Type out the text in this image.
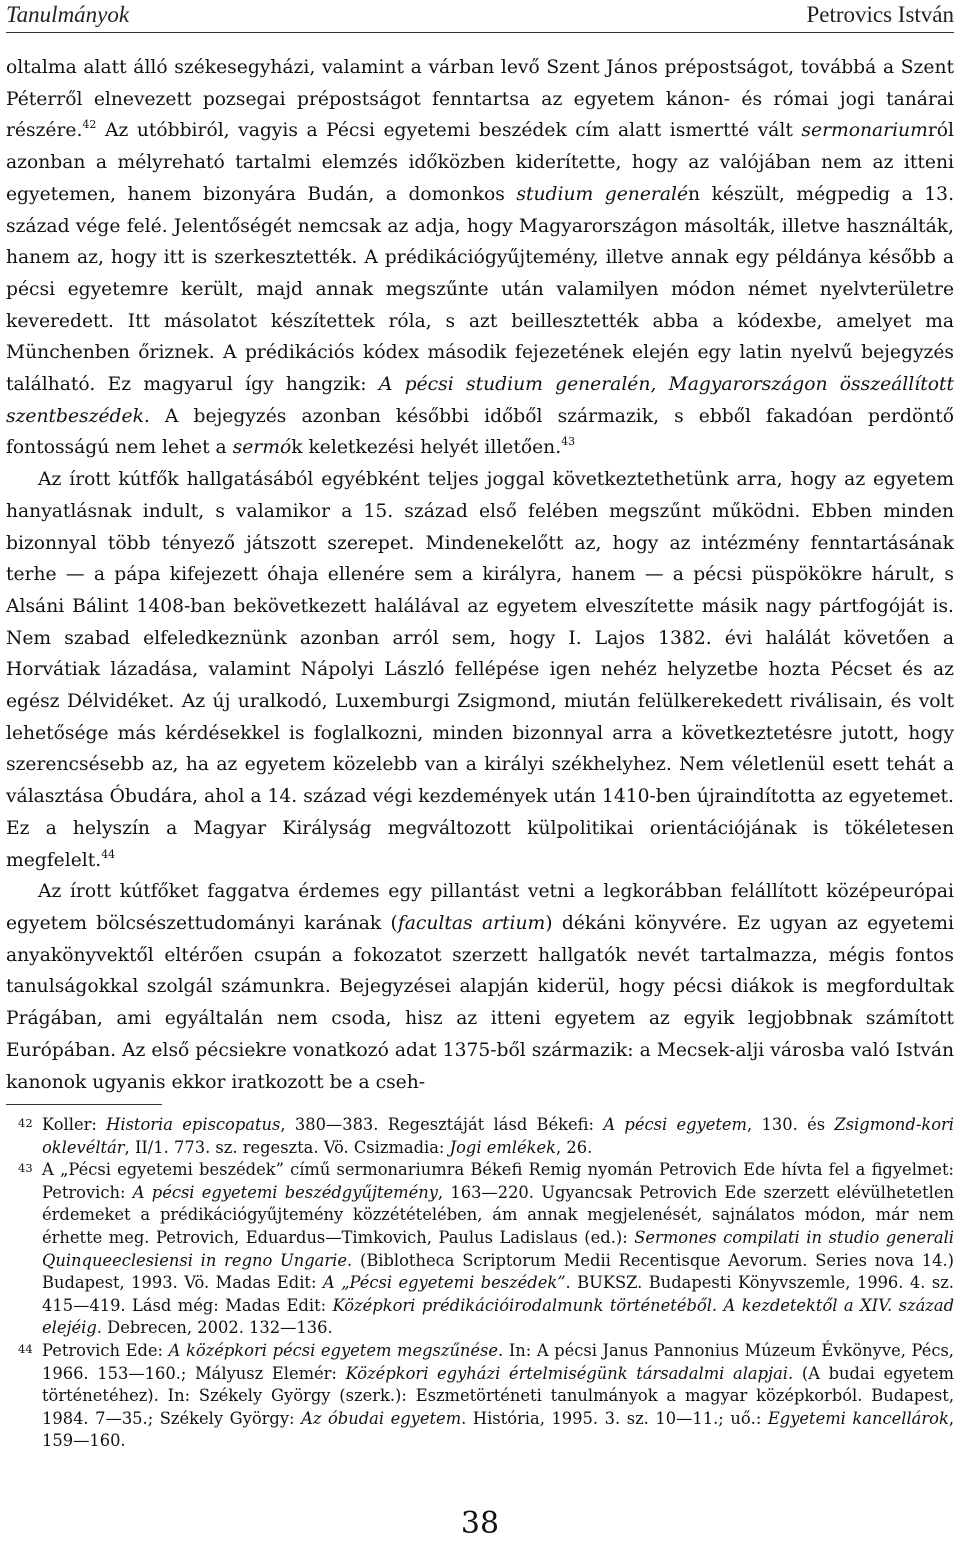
Tanulmányok	Petrovics István

oltalma alatt álló székesegyházi, valamint a várban levő Szent János prépostságot, továbbá a Szent Péterről elnevezett pozsegai prépostságot fenntartsa az egyetem kánon- és római jogi tanárai részére.$^{42}$ Az utóbbiról, vagyis a Pécsi egyetemi beszédek cím alatt ismertté vált sermonariumról azonban a mélyreható tartalmi elemzés időközben kiderítette, hogy az valójában nem az itteni egyetemen, hanem bizonyára Budán, a domonkos studium generalén készült, mégpedig a 13. század vége felé. Jelentőségét nemcsak az adja, hogy Magyarországon másolták, illetve használták, hanem az, hogy itt is szerkesztették. A prédikációgyűjtemény, illetve annak egy példánya később a pécsi egyetemre került, majd annak megszűnte után valamilyen módon német nyelvterületre keveredett. Itt másolatot készítettek róla, s azt beillesztették abba a kódexbe, amelyet ma Münchenben őriznek. A prédikációs kódex második fejezetének elején egy latin nyelvű bejegyzés található. Ez magyarul így hangzik: A pécsi studium generalén, Magyarországon összeállított szentbeszédek. A bejegyzés azonban későbbi időből származik, s ebből fakadóan perdöntő fontosságú nem lehet a sermók keletkezési helyét illetően.$^{43}$

Az írott kútfők hallgatásából egyébként teljes joggal következtethetünk arra, hogy az egyetem hanyatlásnak indult, s valamikor a 15. század első felében megszűnt működni. Ebben minden bizonnyal több tényező játszott szerepet. Mindenekelőtt az, hogy az intézmény fenntartásának terhe — a pápa kifejezett óhaja ellenére sem a királyra, hanem — a pécsi püspökökre hárult, s Alsáni Bálint 1408-ban bekövetkezett halálával az egyetem elveszítette másik nagy pártfogóját is. Nem szabad elfeledkeznünk azonban arról sem, hogy I. Lajos 1382. évi halálát követően a Horvátiak lázadása, valamint Nápolyi László fellépése igen nehéz helyzetbe hozta Pécset és az egész Délvidéket. Az új uralkodó, Luxemburgi Zsigmond, miután felülkerekedett riválisain, és volt lehetősége más kérdésekkel is foglalkozni, minden bizonnyal arra a következtetésre jutott, hogy szerencsésebb az, ha az egyetem közelebb van a királyi székhelyhez. Nem véletlenül esett tehát a választása Óbudára, ahol a 14. század végi kezdemények után 1410-ben újraindította az egyetemet. Ez a helyszín a Magyar Királyság megváltozott külpolitikai orientációjának is tökéletesen megfelelt.$^{44}$

Az írott kútfőket faggatva érdemes egy pillantást vetni a legkorábban felállított középeurópai egyetem bölcsészettudományi karának (facultas artium) dékáni könyvére. Ez ugyan az egyetemi anyakönyvektől eltérően csupán a fokozatot szerzett hallgatók nevét tartalmazza, mégis fontos tanulságokkal szolgál számunkra. Bejegyzései alapján kiderül, hogy pécsi diákok is megfordultak Prágában, ami egyáltalán nem csoda, hisz az itteni egyetem az egyik legjobbnak számított Európában. Az első pécsiekre vonatkozó adat 1375-ből származik: a Mecsek-alji városba való István kanonok ugyanis ekkor iratkozott be a cseh-

42 Koller: Historia episcopatus, 380—383. Regesztáját lásd Békefi: A pécsi egyetem, 130. és Zsigmond-kori oklevéltár, II/1. 773. sz. regeszta. Vö. Csizmadia: Jogi emlékek, 26.

43 A „Pécsi egyetemi beszédek” című sermonariumra Békefi Remig nyomán Petrovich Ede hívta fel a figyelmet: Petrovich: A pécsi egyetemi beszédgyűjtemény, 163—220. Ugyancsak Petrovich Ede szerzett elévülhetetlen érdemeket a prédikációgyűjtemény közzétételében, ám annak megjelenését, sajnálatos módon, már nem érhette meg. Petrovich, Eduardus—Timkovich, Paulus Ladislaus (ed.): Sermones compilati in studio generali Quinqueeclesiensi in regno Ungarie. (Biblotheca Scriptorum Medii Recentisque Aevorum. Series nova 14.) Budapest, 1993. Vö. Madas Edit: A „Pécsi egyetemi beszédek”. BUKSZ. Budapesti Könyvszemle, 1996. 4. sz. 415—419. Lásd még: Madas Edit: Középkori prédikációirodalmunk történetéből. A kezdetektől a XIV. század elejéig. Debrecen, 2002. 132—136.

44 Petrovich Ede: A középkori pécsi egyetem megszűnése. In: A pécsi Janus Pannonius Múzeum Évkönyve, Pécs, 1966. 153—160.; Mályusz Elemér: Középkori egyházi értelmiségünk társadalmi alapjai. (A budai egyetem történetéhez). In: Székely György (szerk.): Eszmetörténeti tanulmányok a magyar középkorból. Budapest, 1984. 7—35.; Székely György: Az óbudai egyetem. História, 1995. 3. sz. 10—11.; uő.: Egyetemi kancellárok, 159—160.

38
